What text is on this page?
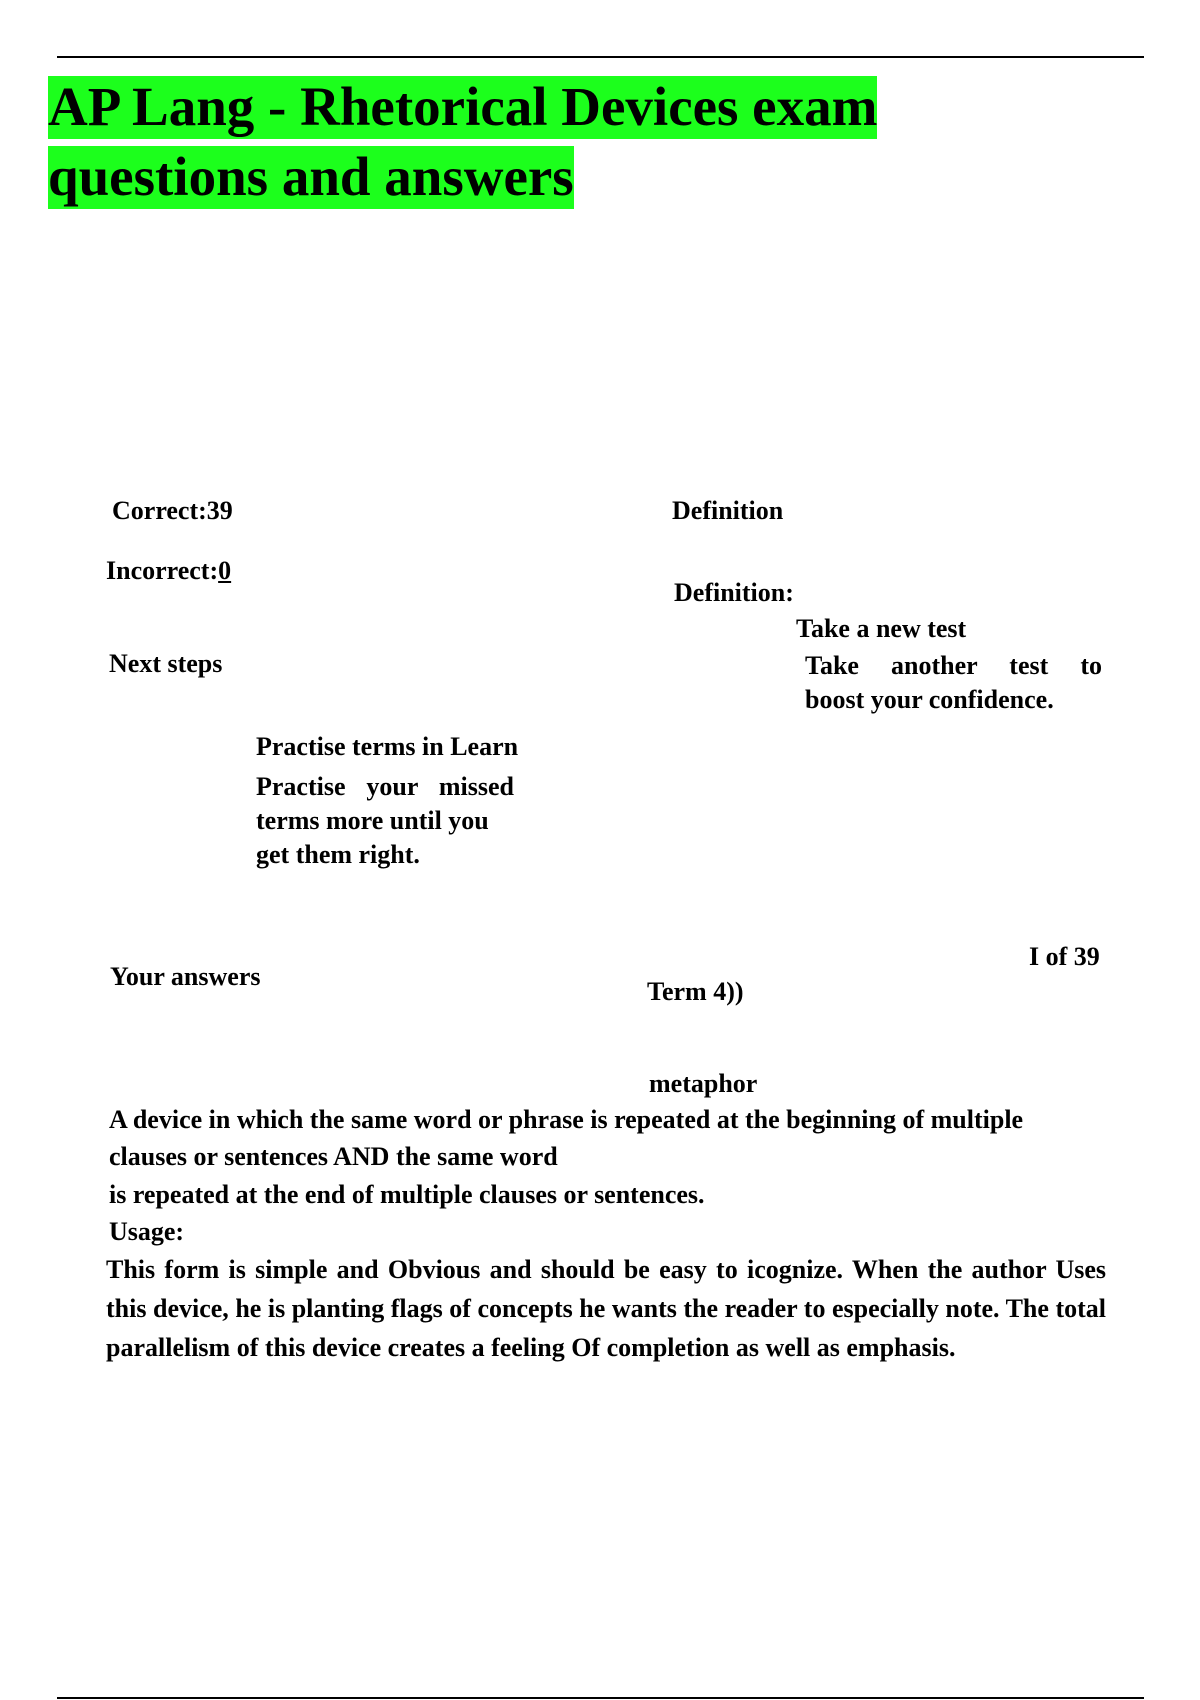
AP Lang - Rhetorical Devices exam
questions and answers

Correct:39

Incorrect:0

Next steps

Practise terms in Learn

Practise your missed

terms more until you

get them right.

Definition

Definition:

Take a new test

Take another test to

boost your confidence.

Your answers

I of 39

Term 4))

metaphor

A device in which the same word or phrase is repeated at the beginning of multiple

clauses or sentences AND the same word

is repeated at the end of multiple clauses or sentences.

Usage:

This form is simple and Obvious and should be easy to icognize. When the author Uses this device, he is planting flags of concepts he wants the reader to especially note. The total parallelism of this device creates a feeling Of completion as well as emphasis.
